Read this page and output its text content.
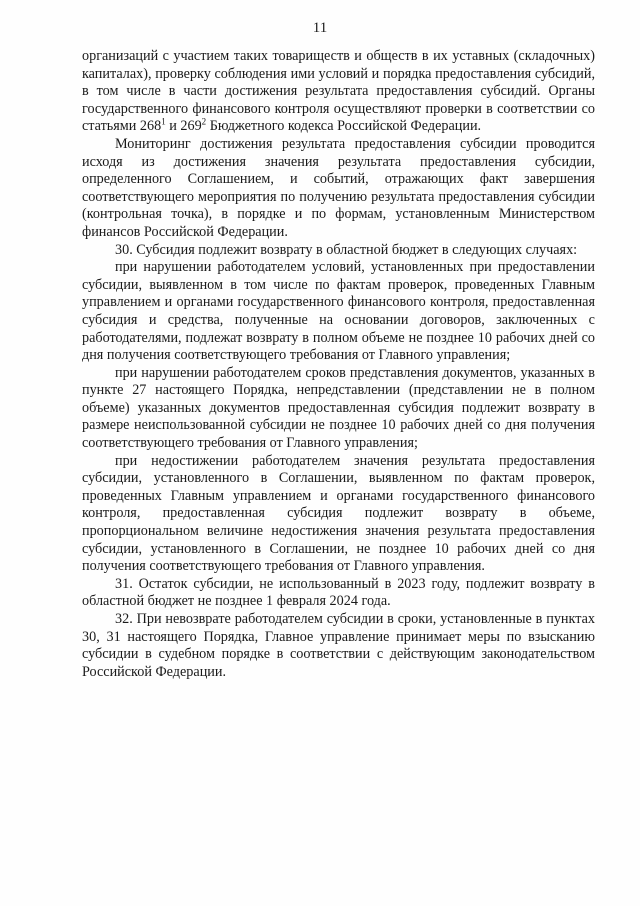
11

организаций с участием таких товариществ и обществ в их уставных (складочных) капиталах), проверку соблюдения ими условий и порядка предоставления субсидий, в том числе в части достижения результата предоставления субсидий. Органы государственного финансового контроля осуществляют проверки в соответствии со статьями $268^1$ и $269^2$ Бюджетного кодекса Российской Федерации.

Мониторинг достижения результата предоставления субсидии проводится исходя из достижения значения результата предоставления субсидии, определенного Соглашением, и событий, отражающих факт завершения соответствующего мероприятия по получению результата предоставления субсидии (контрольная точка), в порядке и по формам, установленным Министерством финансов Российской Федерации.

30. Субсидия подлежит возврату в областной бюджет в следующих случаях:

при нарушении работодателем условий, установленных при предоставлении субсидии, выявленном в том числе по фактам проверок, проведенных Главным управлением и органами государственного финансового контроля, предоставленная субсидия и средства, полученные на основании договоров, заключенных с работодателями, подлежат возврату в полном объеме не позднее 10 рабочих дней со дня получения соответствующего требования от Главного управления;

при нарушении работодателем сроков представления документов, указанных в пункте 27 настоящего Порядка, непредставлении (представлении не в полном объеме) указанных документов предоставленная субсидия подлежит возврату в размере неиспользованной субсидии не позднее 10 рабочих дней со дня получения соответствующего требования от Главного управления;

при недостижении работодателем значения результата предоставления субсидии, установленного в Соглашении, выявленном по фактам проверок, проведенных Главным управлением и органами государственного финансового контроля, предоставленная субсидия подлежит возврату в объеме, пропорциональном величине недостижения значения результата предоставления субсидии, установленного в Соглашении, не позднее 10 рабочих дней со дня получения соответствующего требования от Главного управления.

31. Остаток субсидии, не использованный в 2023 году, подлежит возврату в областной бюджет не позднее 1 февраля 2024 года.

32. При невозврате работодателем субсидии в сроки, установленные в пунктах 30, 31 настоящего Порядка, Главное управление принимает меры по взысканию субсидии в судебном порядке в соответствии с действующим законодательством Российской Федерации.
